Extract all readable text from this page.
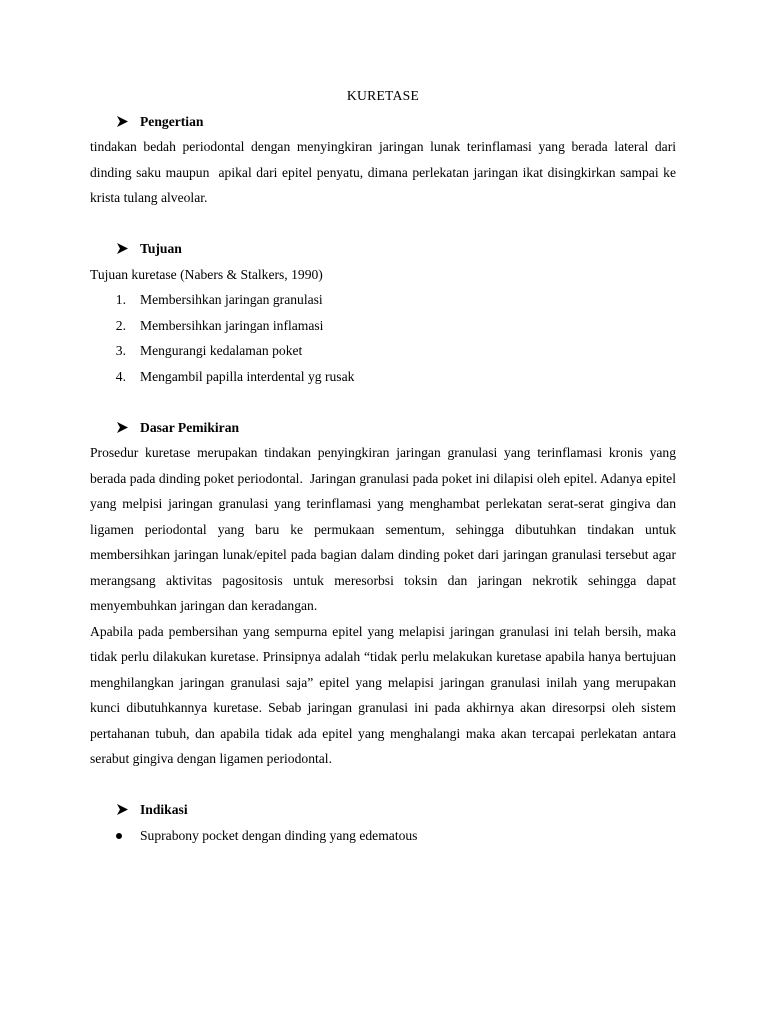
KURETASE
Pengertian

tindakan bedah periodontal dengan menyingkiran jaringan lunak terinflamasi yang berada lateral dari dinding saku maupun  apikal dari epitel penyatu, dimana perlekatan jaringan ikat disingkirkan sampai ke krista tulang alveolar.

Tujuan

Tujuan kuretase (Nabers & Stalkers, 1990)

1. Membersihkan jaringan granulasi
2. Membersihkan jaringan inflamasi
3. Mengurangi kedalaman poket
4. Mengambil papilla interdental yg rusak
Dasar Pemikiran

Prosedur kuretase merupakan tindakan penyingkiran jaringan granulasi yang terinflamasi kronis yang berada pada dinding poket periodontal.  Jaringan granulasi pada poket ini dilapisi oleh epitel. Adanya epitel yang melpisi jaringan granulasi yang terinflamasi yang menghambat perlekatan serat-serat gingiva dan ligamen periodontal yang baru ke permukaan sementum, sehingga dibutuhkan tindakan untuk membersihkan jaringan lunak/epitel pada bagian dalam dinding poket dari jaringan granulasi tersebut agar merangsang aktivitas pagositosis untuk meresorbsi toksin dan jaringan nekrotik sehingga dapat menyembuhkan jaringan dan keradangan.

Apabila pada pembersihan yang sempurna epitel yang melapisi jaringan granulasi ini telah bersih, maka tidak perlu dilakukan kuretase. Prinsipnya adalah “tidak perlu melakukan kuretase apabila hanya bertujuan menghilangkan jaringan granulasi saja” epitel yang melapisi jaringan granulasi inilah yang merupakan kunci dibutuhkannya kuretase. Sebab jaringan granulasi ini pada akhirnya akan diresorpsi oleh sistem pertahanan tubuh, dan apabila tidak ada epitel yang menghalangi maka akan tercapai perlekatan antara serabut gingiva dengan ligamen periodontal.

Indikasi
Suprabony pocket dengan dinding yang edematous
